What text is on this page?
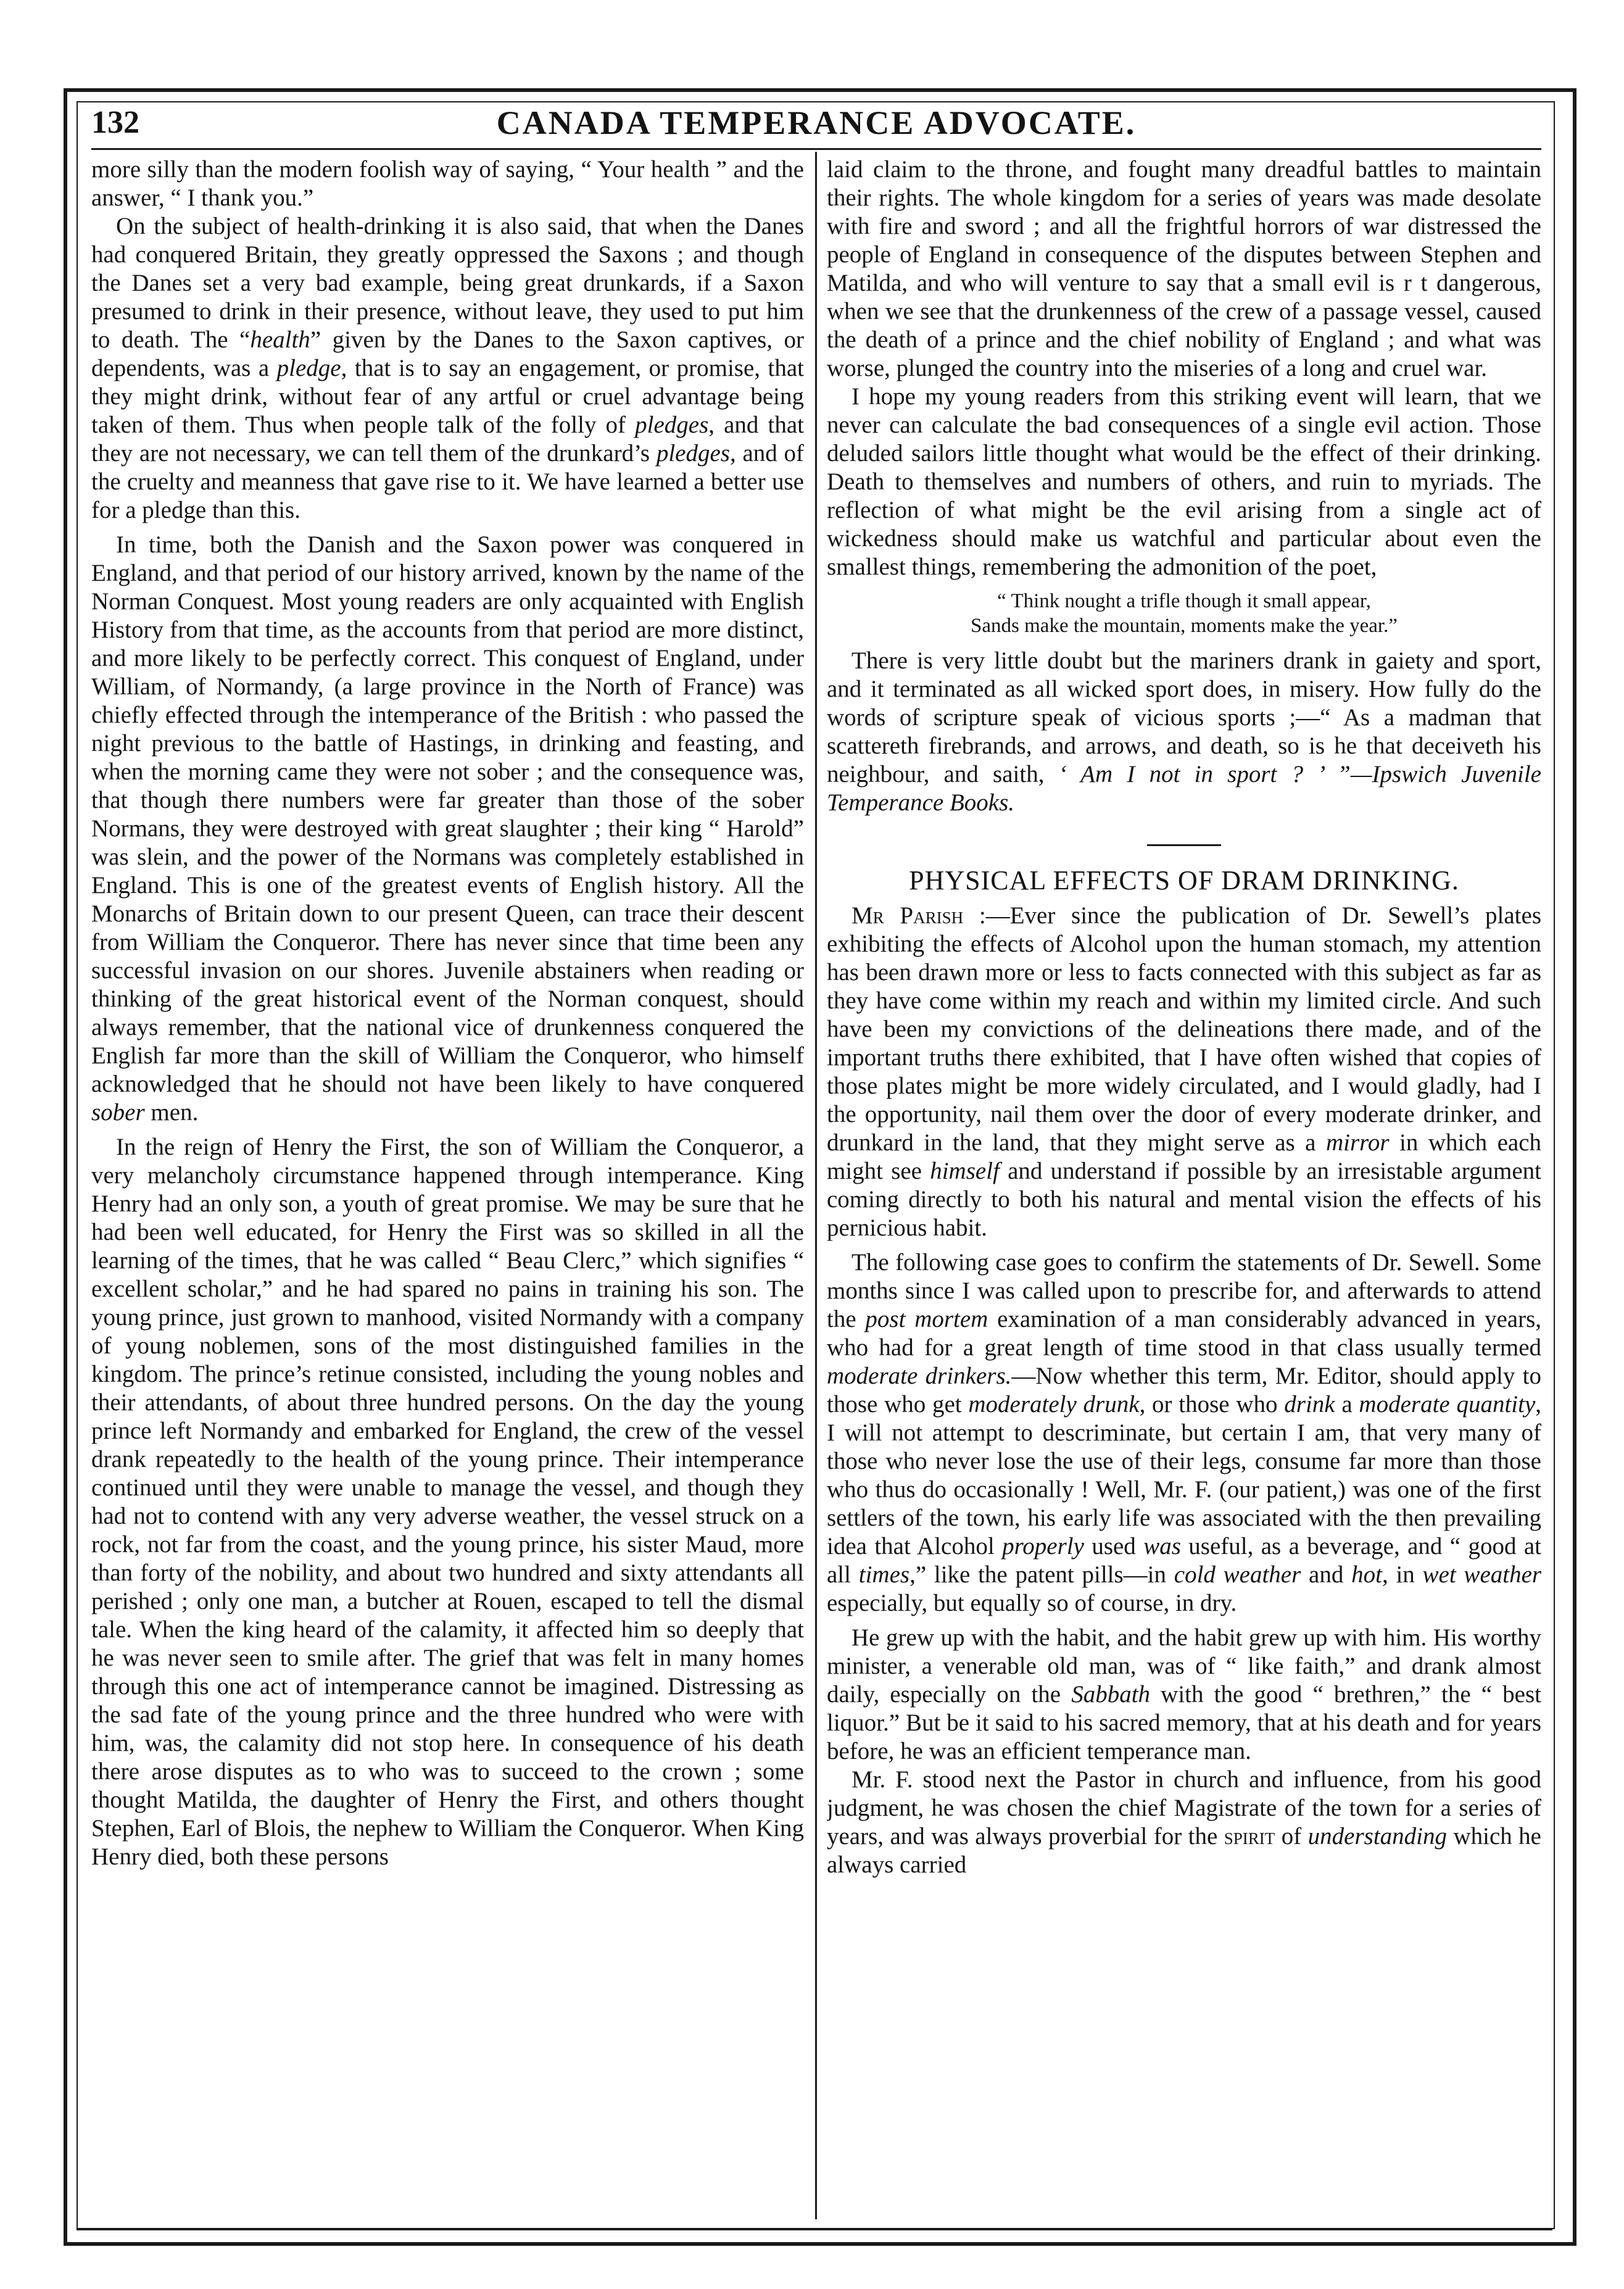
132	CANADA TEMPERANCE ADVOCATE.

more silly than the modern foolish way of saying, “ Your health ” and the answer, “ I thank you.”

On the subject of health-drinking it is also said, that when the Danes had conquered Britain, they greatly oppressed the Saxons ; and though the Danes set a very bad example, being great drunkards, if a Saxon presumed to drink in their presence, without leave, they used to put him to death. The “health” given by the Danes to the Saxon captives, or dependents, was a pledge, that is to say an engagement, or promise, that they might drink, without fear of any artful or cruel advantage being taken of them. Thus when people talk of the folly of pledges, and that they are not necessary, we can tell them of the drunkard’s pledges, and of the cruelty and meanness that gave rise to it. We have learned a better use for a pledge than this.

In time, both the Danish and the Saxon power was conquered in England, and that period of our history arrived, known by the name of the Norman Conquest. Most young readers are only acquainted with English History from that time, as the accounts from that period are more distinct, and more likely to be perfectly correct. This conquest of England, under William, of Normandy, (a large province in the North of France) was chiefly effected through the intemperance of the British : who passed the night previous to the battle of Hastings, in drinking and feasting, and when the morning came they were not sober ; and the consequence was, that though there numbers were far greater than those of the sober Normans, they were destroyed with great slaughter ; their king “ Harold” was slein, and the power of the Normans was completely established in England. This is one of the greatest events of English history. All the Monarchs of Britain down to our present Queen, can trace their descent from William the Conqueror. There has never since that time been any successful invasion on our shores. Juvenile abstainers when reading or thinking of the great historical event of the Norman conquest, should always remember, that the national vice of drunkenness conquered the English far more than the skill of William the Conqueror, who himself acknowledged that he should not have been likely to have conquered sober men.

In the reign of Henry the First, the son of William the Conqueror, a very melancholy circumstance happened through intemperance. King Henry had an only son, a youth of great promise. We may be sure that he had been well educated, for Henry the First was so skilled in all the learning of the times, that he was called “ Beau Clerc,” which signifies “ excellent scholar,” and he had spared no pains in training his son. The young prince, just grown to manhood, visited Normandy with a company of young noblemen, sons of the most distinguished families in the kingdom. The prince’s retinue consisted, including the young nobles and their attendants, of about three hundred persons. On the day the young prince left Normandy and embarked for England, the crew of the vessel drank repeatedly to the health of the young prince. Their intemperance continued until they were unable to manage the vessel, and though they had not to contend with any very adverse weather, the vessel struck on a rock, not far from the coast, and the young prince, his sister Maud, more than forty of the nobility, and about two hundred and sixty attendants all perished ; only one man, a butcher at Rouen, escaped to tell the dismal tale. When the king heard of the calamity, it affected him so deeply that he was never seen to smile after. The grief that was felt in many homes through this one act of intemperance cannot be imagined. Distressing as the sad fate of the young prince and the three hundred who were with him, was, the calamity did not stop here. In consequence of his death there arose disputes as to who was to succeed to the crown ; some thought Matilda, the daughter of Henry the First, and others thought Stephen, Earl of Blois, the nephew to William the Conqueror. When King Henry died, both these persons

laid claim to the throne, and fought many dreadful battles to maintain their rights. The whole kingdom for a series of years was made desolate with fire and sword ; and all the frightful horrors of war distressed the people of England in consequence of the disputes between Stephen and Matilda, and who will venture to say that a small evil is r t dangerous, when we see that the drunkenness of the crew of a passage vessel, caused the death of a prince and the chief nobility of England ; and what was worse, plunged the country into the miseries of a long and cruel war.

I hope my young readers from this striking event will learn, that we never can calculate the bad consequences of a single evil action. Those deluded sailors little thought what would be the effect of their drinking. Death to themselves and numbers of others, and ruin to myriads. The reflection of what might be the evil arising from a single act of wickedness should make us watchful and particular about even the smallest things, remembering the admonition of the poet,

“ Think nought a trifle though it small appear,
Sands make the mountain, moments make the year.”

There is very little doubt but the mariners drank in gaiety and sport, and it terminated as all wicked sport does, in misery. How fully do the words of scripture speak of vicious sports ;—“ As a madman that scattereth firebrands, and arrows, and death, so is he that deceiveth his neighbour, and saith, ‘ Am I not in sport ? ’ ”—Ipswich Juvenile Temperance Books.

PHYSICAL EFFECTS OF DRAM DRINKING.

Mr Parish :—Ever since the publication of Dr. Sewell’s plates exhibiting the effects of Alcohol upon the human stomach, my attention has been drawn more or less to facts connected with this subject as far as they have come within my reach and within my limited circle. And such have been my convictions of the delineations there made, and of the important truths there exhibited, that I have often wished that copies of those plates might be more widely circulated, and I would gladly, had I the opportunity, nail them over the door of every moderate drinker, and drunkard in the land, that they might serve as a mirror in which each might see himself and understand if possible by an irresistable argument coming directly to both his natural and mental vision the effects of his pernicious habit.

The following case goes to confirm the statements of Dr. Sewell. Some months since I was called upon to prescribe for, and afterwards to attend the post mortem examination of a man considerably advanced in years, who had for a great length of time stood in that class usually termed moderate drinkers.—Now whether this term, Mr. Editor, should apply to those who get moderately drunk, or those who drink a moderate quantity, I will not attempt to descriminate, but certain I am, that very many of those who never lose the use of their legs, consume far more than those who thus do occasionally ! Well, Mr. F. (our patient,) was one of the first settlers of the town, his early life was associated with the then prevailing idea that Alcohol properly used was useful, as a beverage, and “ good at all times,” like the patent pills—in cold weather and hot, in wet weather especially, but equally so of course, in dry.

He grew up with the habit, and the habit grew up with him. His worthy minister, a venerable old man, was of “ like faith,” and drank almost daily, especially on the Sabbath with the good “ brethren,” the “ best liquor.” But be it said to his sacred memory, that at his death and for years before, he was an efficient temperance man.

Mr. F. stood next the Pastor in church and influence, from his good judgment, he was chosen the chief Magistrate of the town for a series of years, and was always proverbial for the spirit of understanding which he always carried
